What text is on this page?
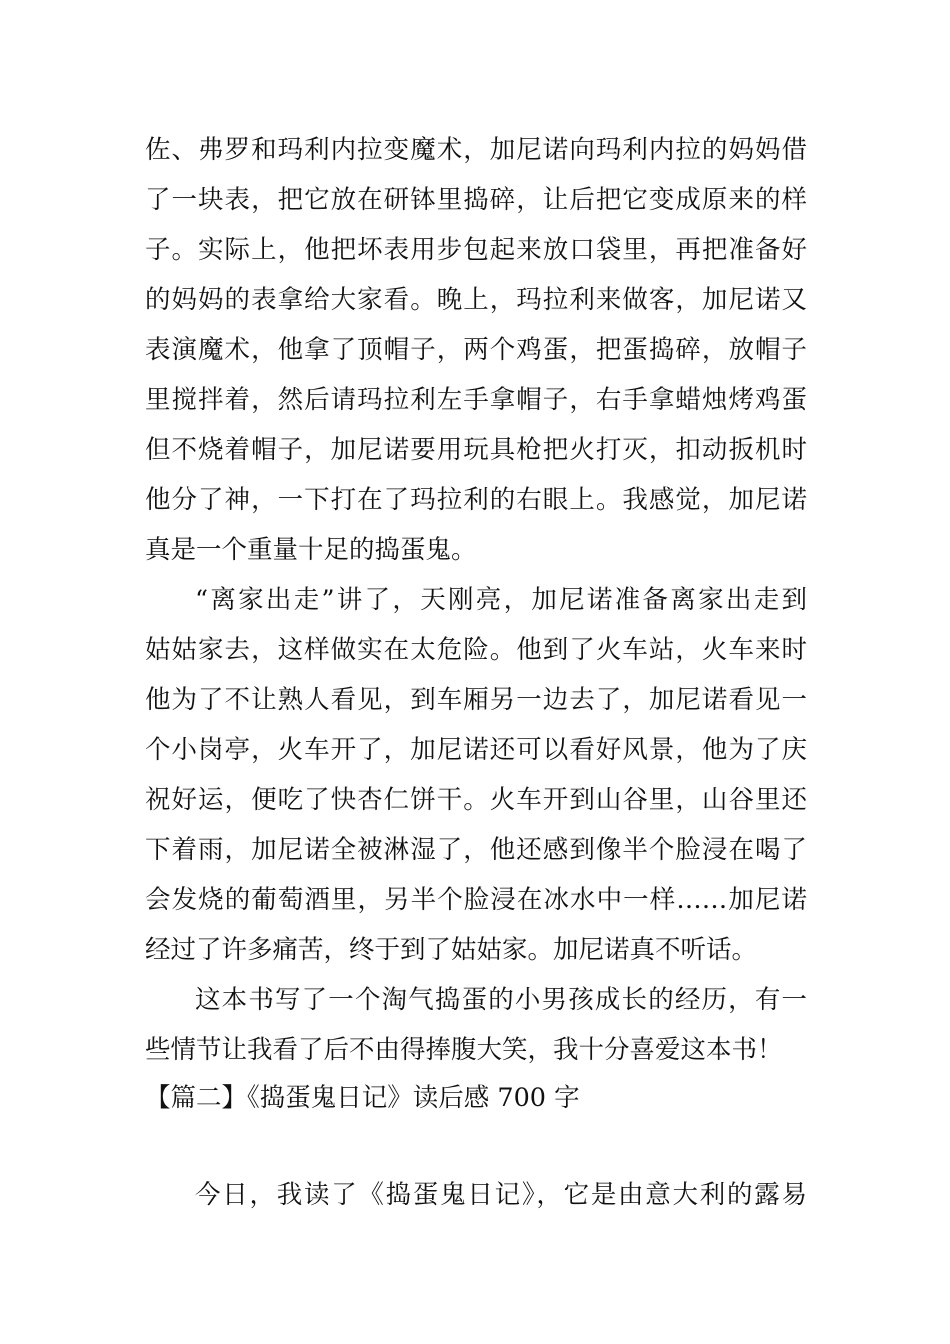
佐、弗罗和玛利内拉变魔术，加尼诺向玛利内拉的妈妈借
了一块表，把它放在研钵里捣碎，让后把它变成原来的样
子。实际上，他把坏表用步包起来放口袋里，再把准备好
的妈妈的表拿给大家看。晚上，玛拉利来做客，加尼诺又
表演魔术，他拿了顶帽子，两个鸡蛋，把蛋捣碎，放帽子
里搅拌着，然后请玛拉利左手拿帽子，右手拿蜡烛烤鸡蛋
但不烧着帽子，加尼诺要用玩具枪把火打灭，扣动扳机时
他分了神，一下打在了玛拉利的右眼上。我感觉，加尼诺
真是一个重量十足的捣蛋鬼。
“离家出走”讲了，天刚亮，加尼诺准备离家出走到
姑姑家去，这样做实在太危险。他到了火车站，火车来时
他为了不让熟人看见，到车厢另一边去了，加尼诺看见一
个小岗亭，火车开了，加尼诺还可以看好风景，他为了庆
祝好运，便吃了快杏仁饼干。火车开到山谷里，山谷里还
下着雨，加尼诺全被淋湿了，他还感到像半个脸浸在喝了
会发烧的葡萄酒里，另半个脸浸在冰水中一样……加尼诺
经过了许多痛苦，终于到了姑姑家。加尼诺真不听话。
这本书写了一个淘气捣蛋的小男孩成长的经历，有一
些情节让我看了后不由得捧腹大笑，我十分喜爱这本书！
【篇二】《捣蛋鬼日记》读后感 700 字
今日，我读了《捣蛋鬼日记》，它是由意大利的露易
